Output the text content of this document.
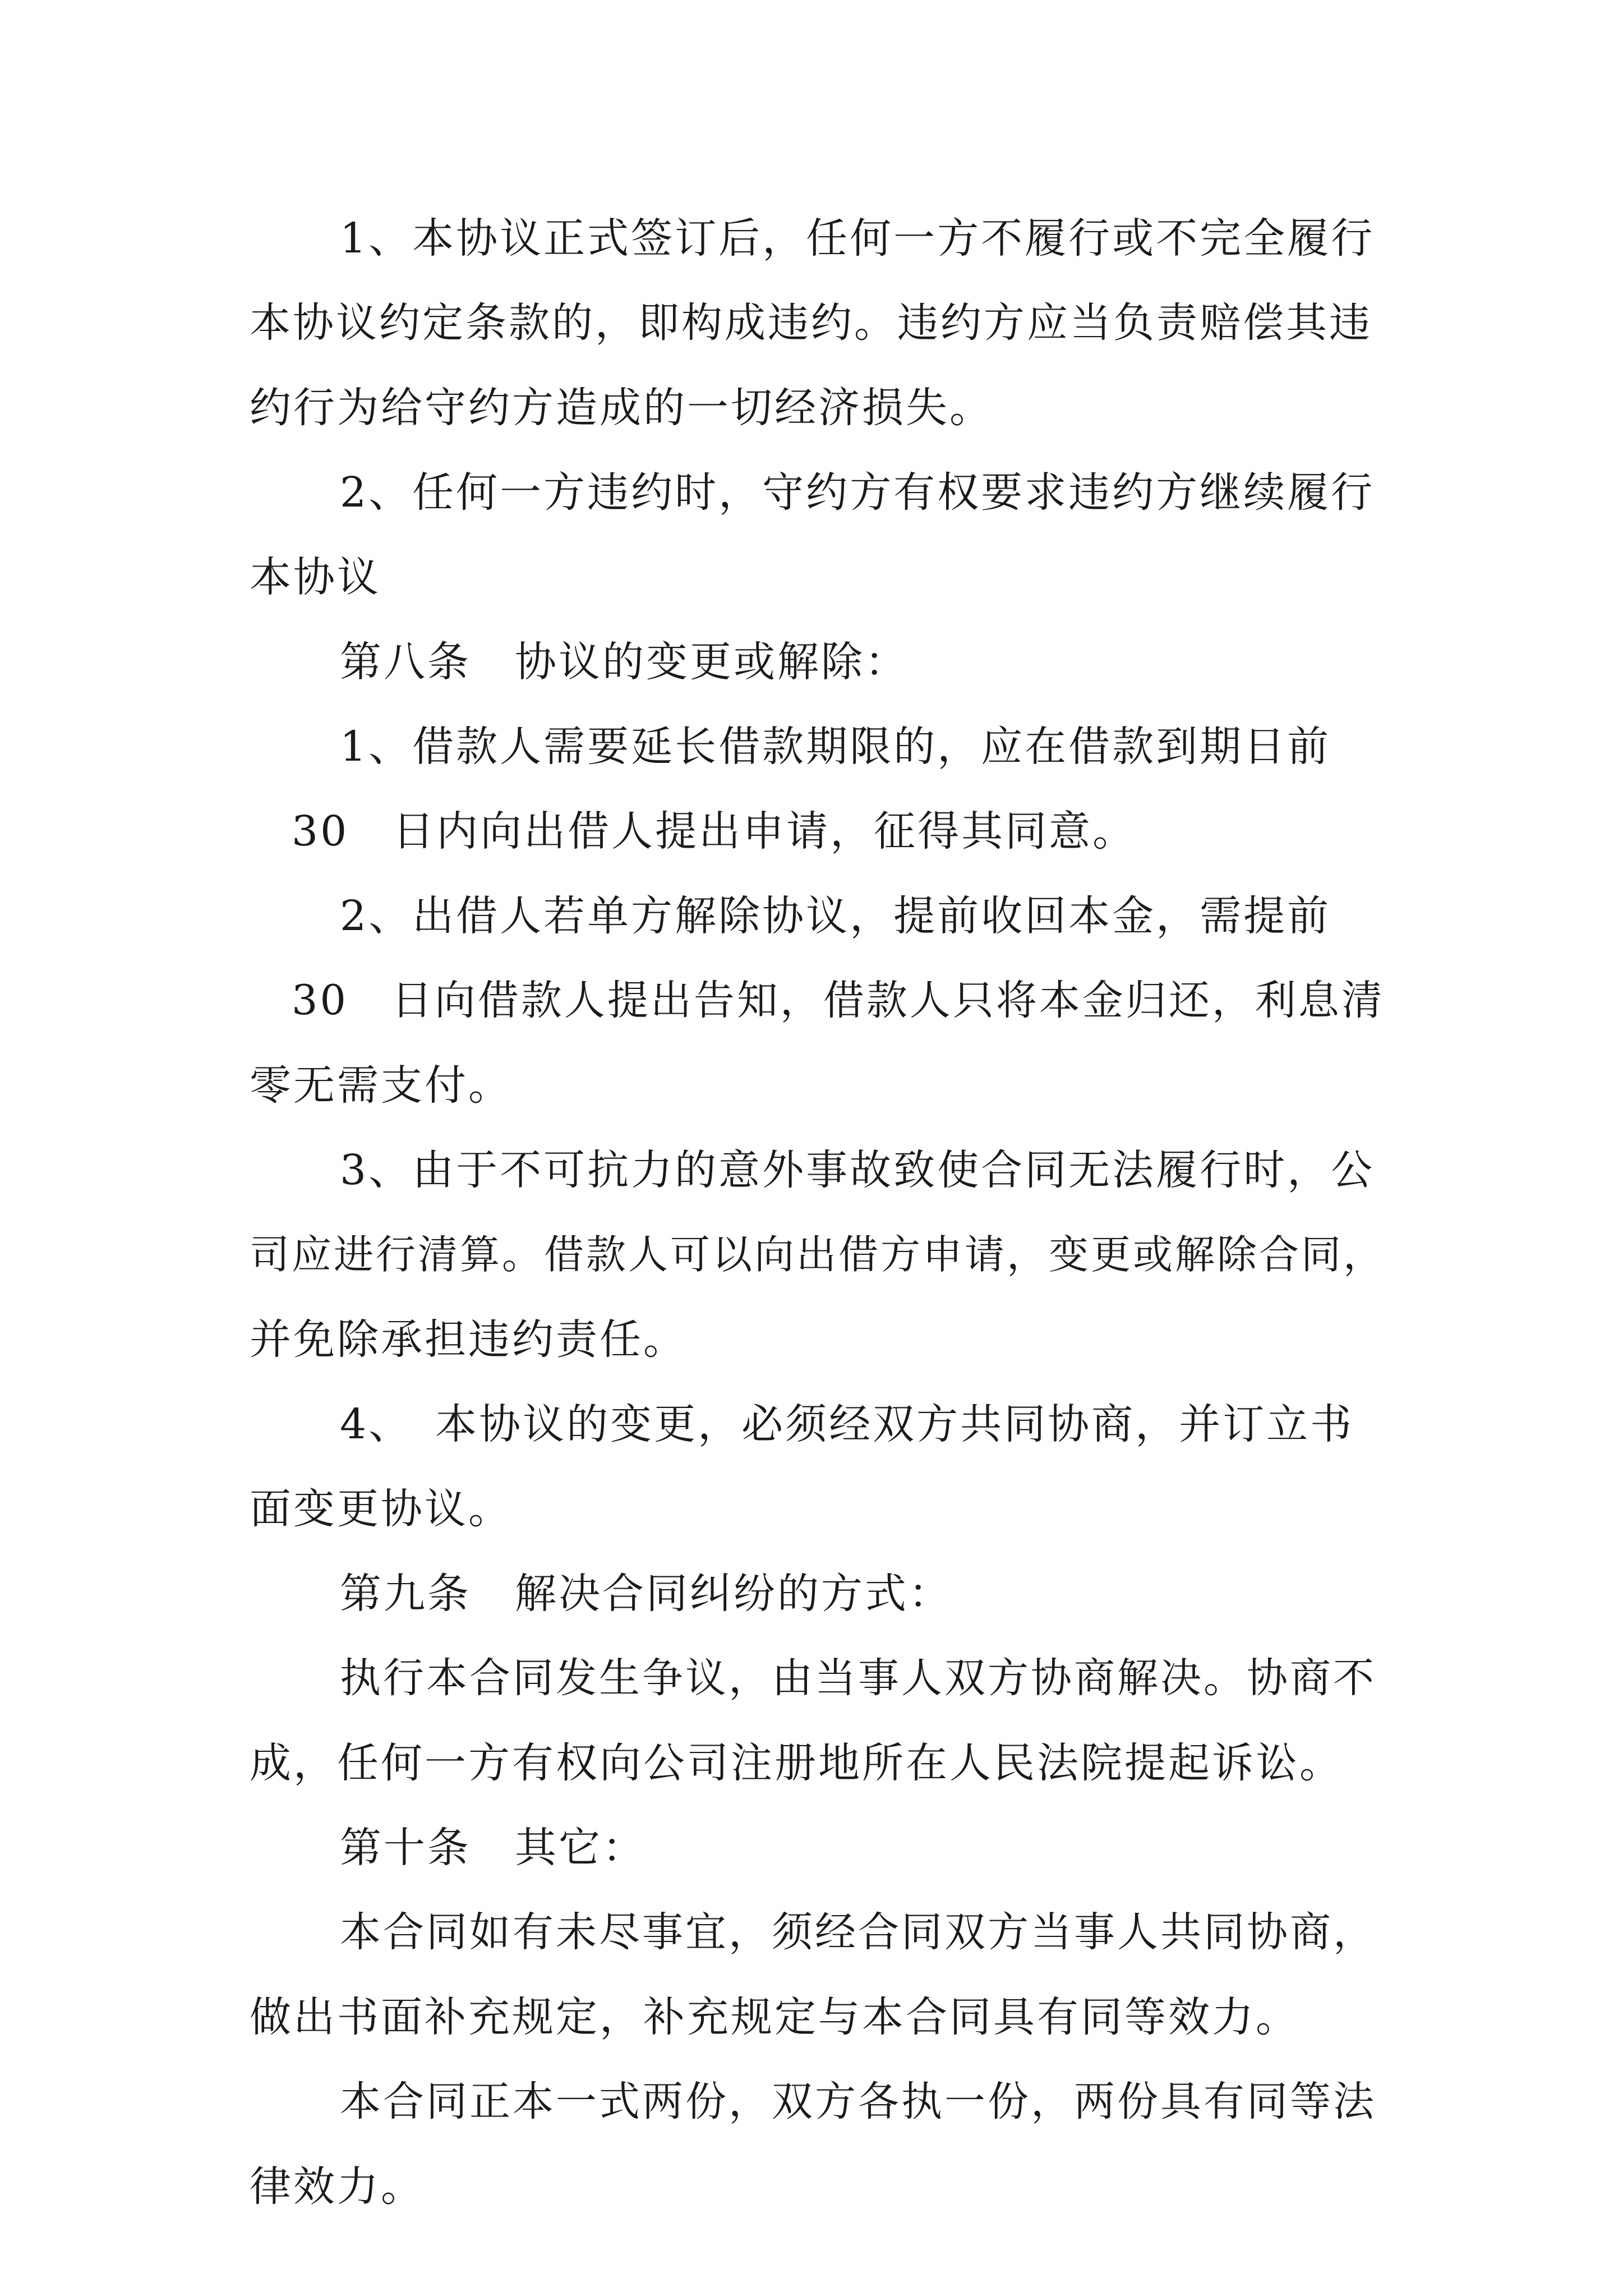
1、本协议正式签订后，任何一方不履行或不完全履行
本协议约定条款的，即构成违约。违约方应当负责赔偿其违
约行为给守约方造成的一切经济损失。
2、任何一方违约时，守约方有权要求违约方继续履行
本协议
第八条　协议的变更或解除：
1、借款人需要延长借款期限的，应在借款到期日前
30　日内向出借人提出申请，征得其同意。
2、出借人若单方解除协议，提前收回本金，需提前
30　日向借款人提出告知，借款人只将本金归还，利息清
零无需支付。
3、由于不可抗力的意外事故致使合同无法履行时，公
司应进行清算。借款人可以向出借方申请，变更或解除合同，
并免除承担违约责任。
4、　本协议的变更，必须经双方共同协商，并订立书
面变更协议。
第九条　解决合同纠纷的方式：
执行本合同发生争议，由当事人双方协商解决。协商不
成，任何一方有权向公司注册地所在人民法院提起诉讼。
第十条　其它：
本合同如有未尽事宜，须经合同双方当事人共同协商，
做出书面补充规定，补充规定与本合同具有同等效力。
本合同正本一式两份，双方各执一份，两份具有同等法
律效力。
